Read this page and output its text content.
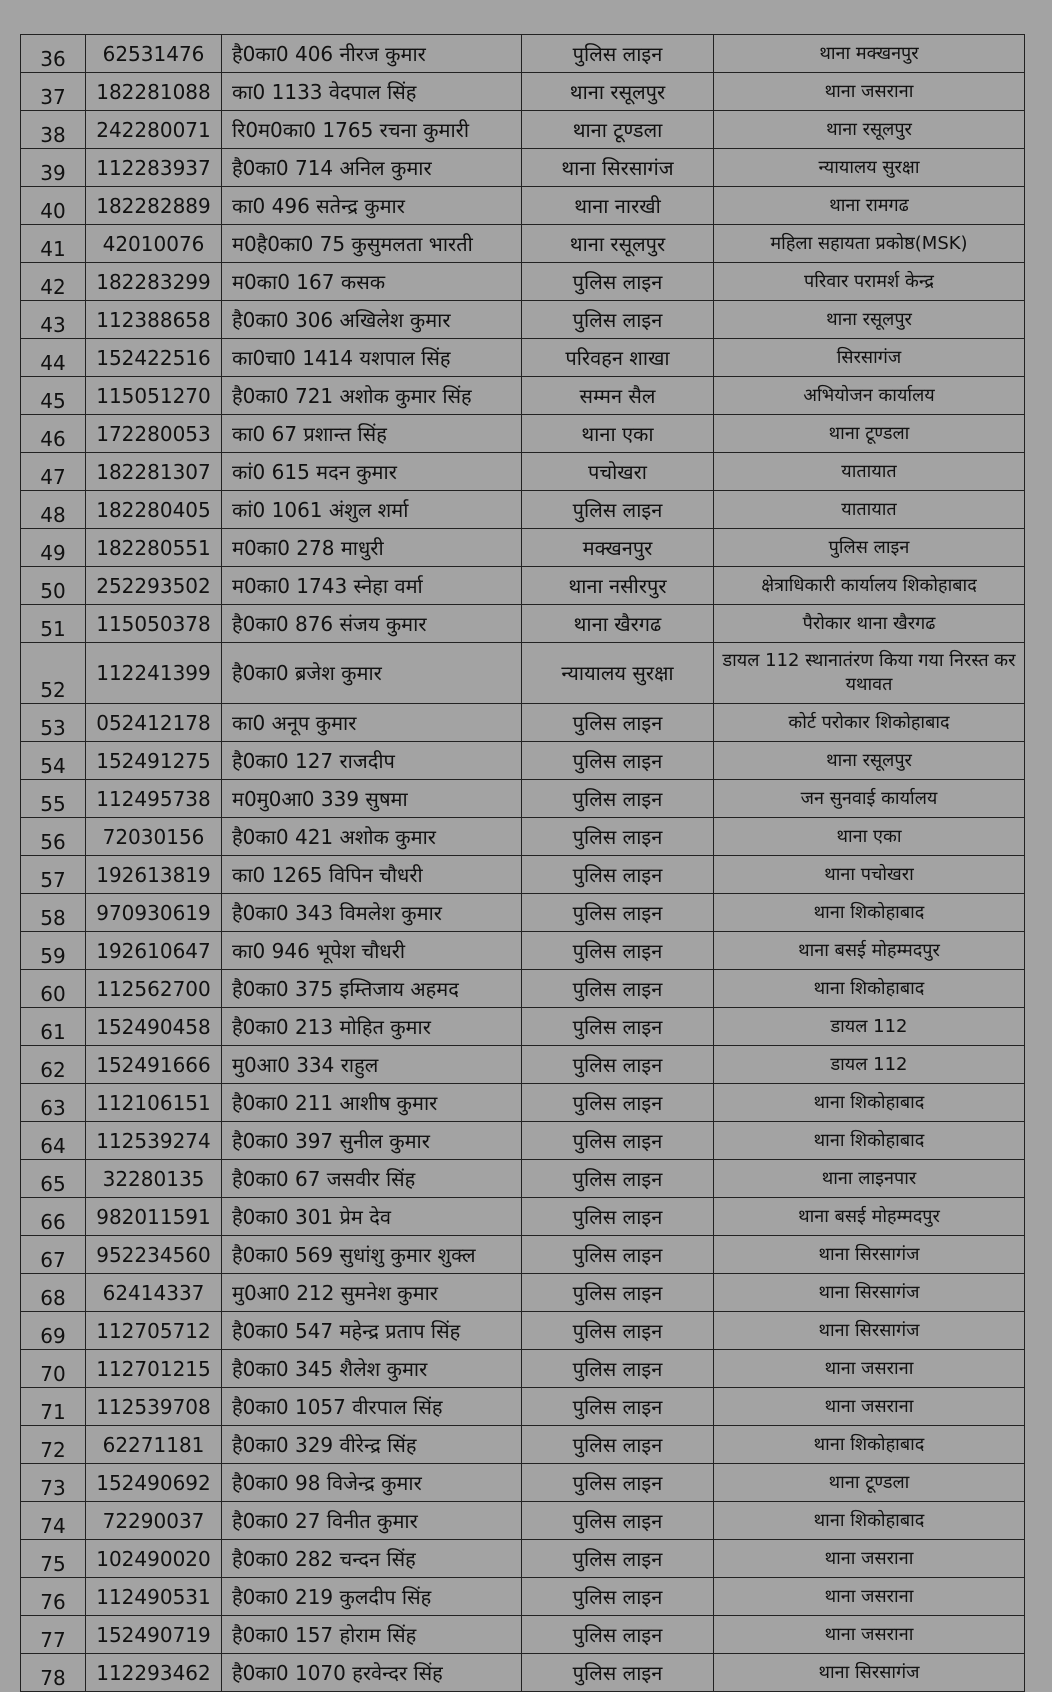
36	62531476	है0का0 406 नीरज कुमार	पुलिस लाइन	थाना मक्खनपुर
37	182281088	का0 1133 वेदपाल सिंह	थाना रसूलपुर	थाना जसराना
38	242280071	रि0म0का0 1765 रचना कुमारी	थाना टूण्डला	थाना रसूलपुर
39	112283937	है0का0 714 अनिल कुमार	थाना सिरसागंज	न्यायालय सुरक्षा
40	182282889	का0 496 सतेन्द्र कुमार	थाना नारखी	थाना रामगढ
41	42010076	म0है0का0 75 कुसुमलता भारती	थाना रसूलपुर	महिला सहायता प्रकोष्ठ(MSK)
42	182283299	म0का0 167 कसक	पुलिस लाइन	परिवार परामर्श केन्द्र
43	112388658	है0का0 306 अखिलेश कुमार	पुलिस लाइन	थाना रसूलपुर
44	152422516	का0चा0 1414 यशपाल सिंह	परिवहन शाखा	सिरसागंज
45	115051270	है0का0 721 अशोक कुमार सिंह	सम्मन सैल	अभियोजन कार्यालय
46	172280053	का0 67 प्रशान्त सिंह	थाना एका	थाना टूण्डला
47	182281307	कां0 615 मदन कुमार	पचोखरा	यातायात
48	182280405	कां0 1061 अंशुल शर्मा	पुलिस लाइन	यातायात
49	182280551	म0का0 278 माधुरी	मक्खनपुर	पुलिस लाइन
50	252293502	म0का0 1743 स्नेहा वर्मा	थाना नसीरपुर	क्षेत्राधिकारी कार्यालय शिकोहाबाद
51	115050378	है0का0 876 संजय कुमार	थाना खैरगढ	पैरोकार थाना खैरगढ
52	112241399	है0का0 ब्रजेश कुमार	न्यायालय सुरक्षा	डायल 112 स्थानातंरण किया गया निरस्त कर यथावत
53	052412178	का0 अनूप कुमार	पुलिस लाइन	कोर्ट परोकार शिकोहाबाद
54	152491275	है0का0 127 राजदीप	पुलिस लाइन	थाना रसूलपुर
55	112495738	म0मु0आ0 339 सुषमा	पुलिस लाइन	जन सुनवाई कार्यालय
56	72030156	है0का0 421 अशोक कुमार	पुलिस लाइन	थाना एका
57	192613819	का0 1265 विपिन चौधरी	पुलिस लाइन	थाना पचोखरा
58	970930619	है0का0 343 विमलेश कुमार	पुलिस लाइन	थाना शिकोहाबाद
59	192610647	का0 946 भूपेश चौधरी	पुलिस लाइन	थाना बसई मोहम्मदपुर
60	112562700	है0का0 375 इम्तिजाय अहमद	पुलिस लाइन	थाना शिकोहाबाद
61	152490458	है0का0 213 मोहित कुमार	पुलिस लाइन	डायल 112
62	152491666	मु0आ0 334 राहुल	पुलिस लाइन	डायल 112
63	112106151	है0का0 211 आशीष कुमार	पुलिस लाइन	थाना शिकोहाबाद
64	112539274	है0का0 397 सुनील कुमार	पुलिस लाइन	थाना शिकोहाबाद
65	32280135	है0का0 67 जसवीर सिंह	पुलिस लाइन	थाना लाइनपार
66	982011591	है0का0 301 प्रेम देव	पुलिस लाइन	थाना बसई मोहम्मदपुर
67	952234560	है0का0 569 सुधांशु कुमार शुक्ल	पुलिस लाइन	थाना सिरसागंज
68	62414337	मु0आ0 212 सुमनेश कुमार	पुलिस लाइन	थाना सिरसागंज
69	112705712	है0का0 547 महेन्द्र प्रताप सिंह	पुलिस लाइन	थाना सिरसागंज
70	112701215	है0का0 345 शैलेश कुमार	पुलिस लाइन	थाना जसराना
71	112539708	है0का0 1057 वीरपाल सिंह	पुलिस लाइन	थाना जसराना
72	62271181	है0का0 329 वीरेन्द्र सिंह	पुलिस लाइन	थाना शिकोहाबाद
73	152490692	है0का0 98 विजेन्द्र कुमार	पुलिस लाइन	थाना टूण्डला
74	72290037	है0का0 27 विनीत कुमार	पुलिस लाइन	थाना शिकोहाबाद
75	102490020	है0का0 282 चन्दन सिंह	पुलिस लाइन	थाना जसराना
76	112490531	है0का0 219 कुलदीप सिंह	पुलिस लाइन	थाना जसराना
77	152490719	है0का0 157 होराम सिंह	पुलिस लाइन	थाना जसराना
78	112293462	है0का0 1070 हरवेन्दर सिंह	पुलिस लाइन	थाना सिरसागंज
